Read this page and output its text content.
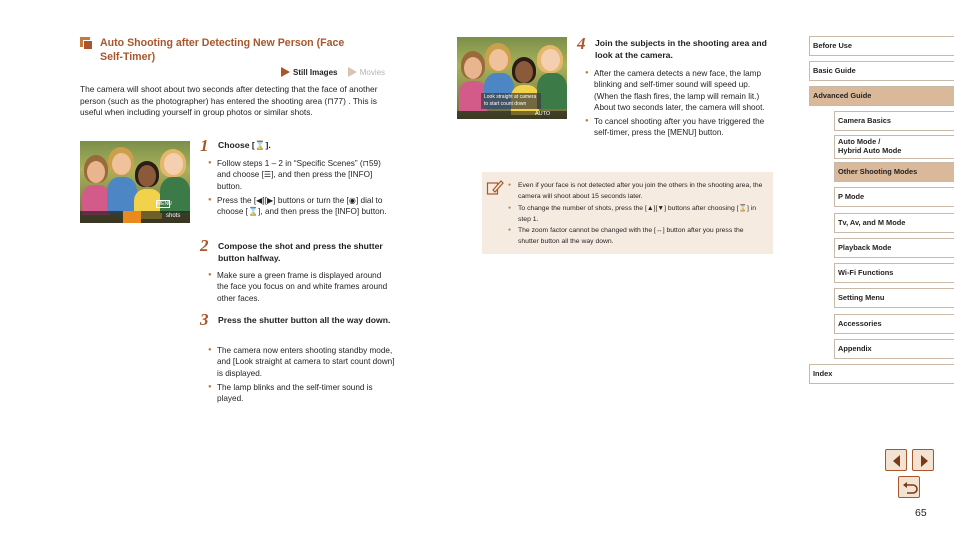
Auto Shooting after Detecting New Person (Face Self-Timer)
Still Images	Movies
The camera will shoot about two seconds after detecting that the face of another person (such as the photographer) has entered the shooting area (⊓77) . This is useful when including yourself in group photos or similar shots.
MENU
shots
1 Choose [⌛].
● Follow steps 1 – 2 in “Specific Scenes” (⊓59) and choose [☰], and then press the [INFO] button.
● Press the [◀][▶] buttons or turn the [◉] dial to choose [⌛], and then press the [INFO] button.
2 Compose the shot and press the shutter button halfway.
● Make sure a green frame is displayed around the face you focus on and white frames around other faces.
3 Press the shutter button all the way down.
● The camera now enters shooting standby mode, and [Look straight at camera to start count down] is displayed.
● The lamp blinks and the self-timer sound is played.
Look straight at camera
to start count down
AUTO
4 Join the subjects in the shooting area and look at the camera.
● After the camera detects a new face, the lamp blinking and self-timer sound will speed up. (When the flash fires, the lamp will remain lit.) About two seconds later, the camera will shoot.
● To cancel shooting after you have triggered the self-timer, press the [MENU] button.
● Even if your face is not detected after you join the others in the shooting area, the camera will shoot about 15 seconds later.
● To change the number of shots, press the [▲][▼] buttons after choosing [⌛] in step 1.
● The zoom factor cannot be changed with the [↔] button after you press the shutter button all the way down.
Before Use
Basic Guide
Advanced Guide
Camera Basics
Auto Mode /
Hybrid Auto Mode
Other Shooting Modes
P Mode
Tv, Av, and M Mode
Playback Mode
Wi-Fi Functions
Setting Menu
Accessories
Appendix
Index
65
